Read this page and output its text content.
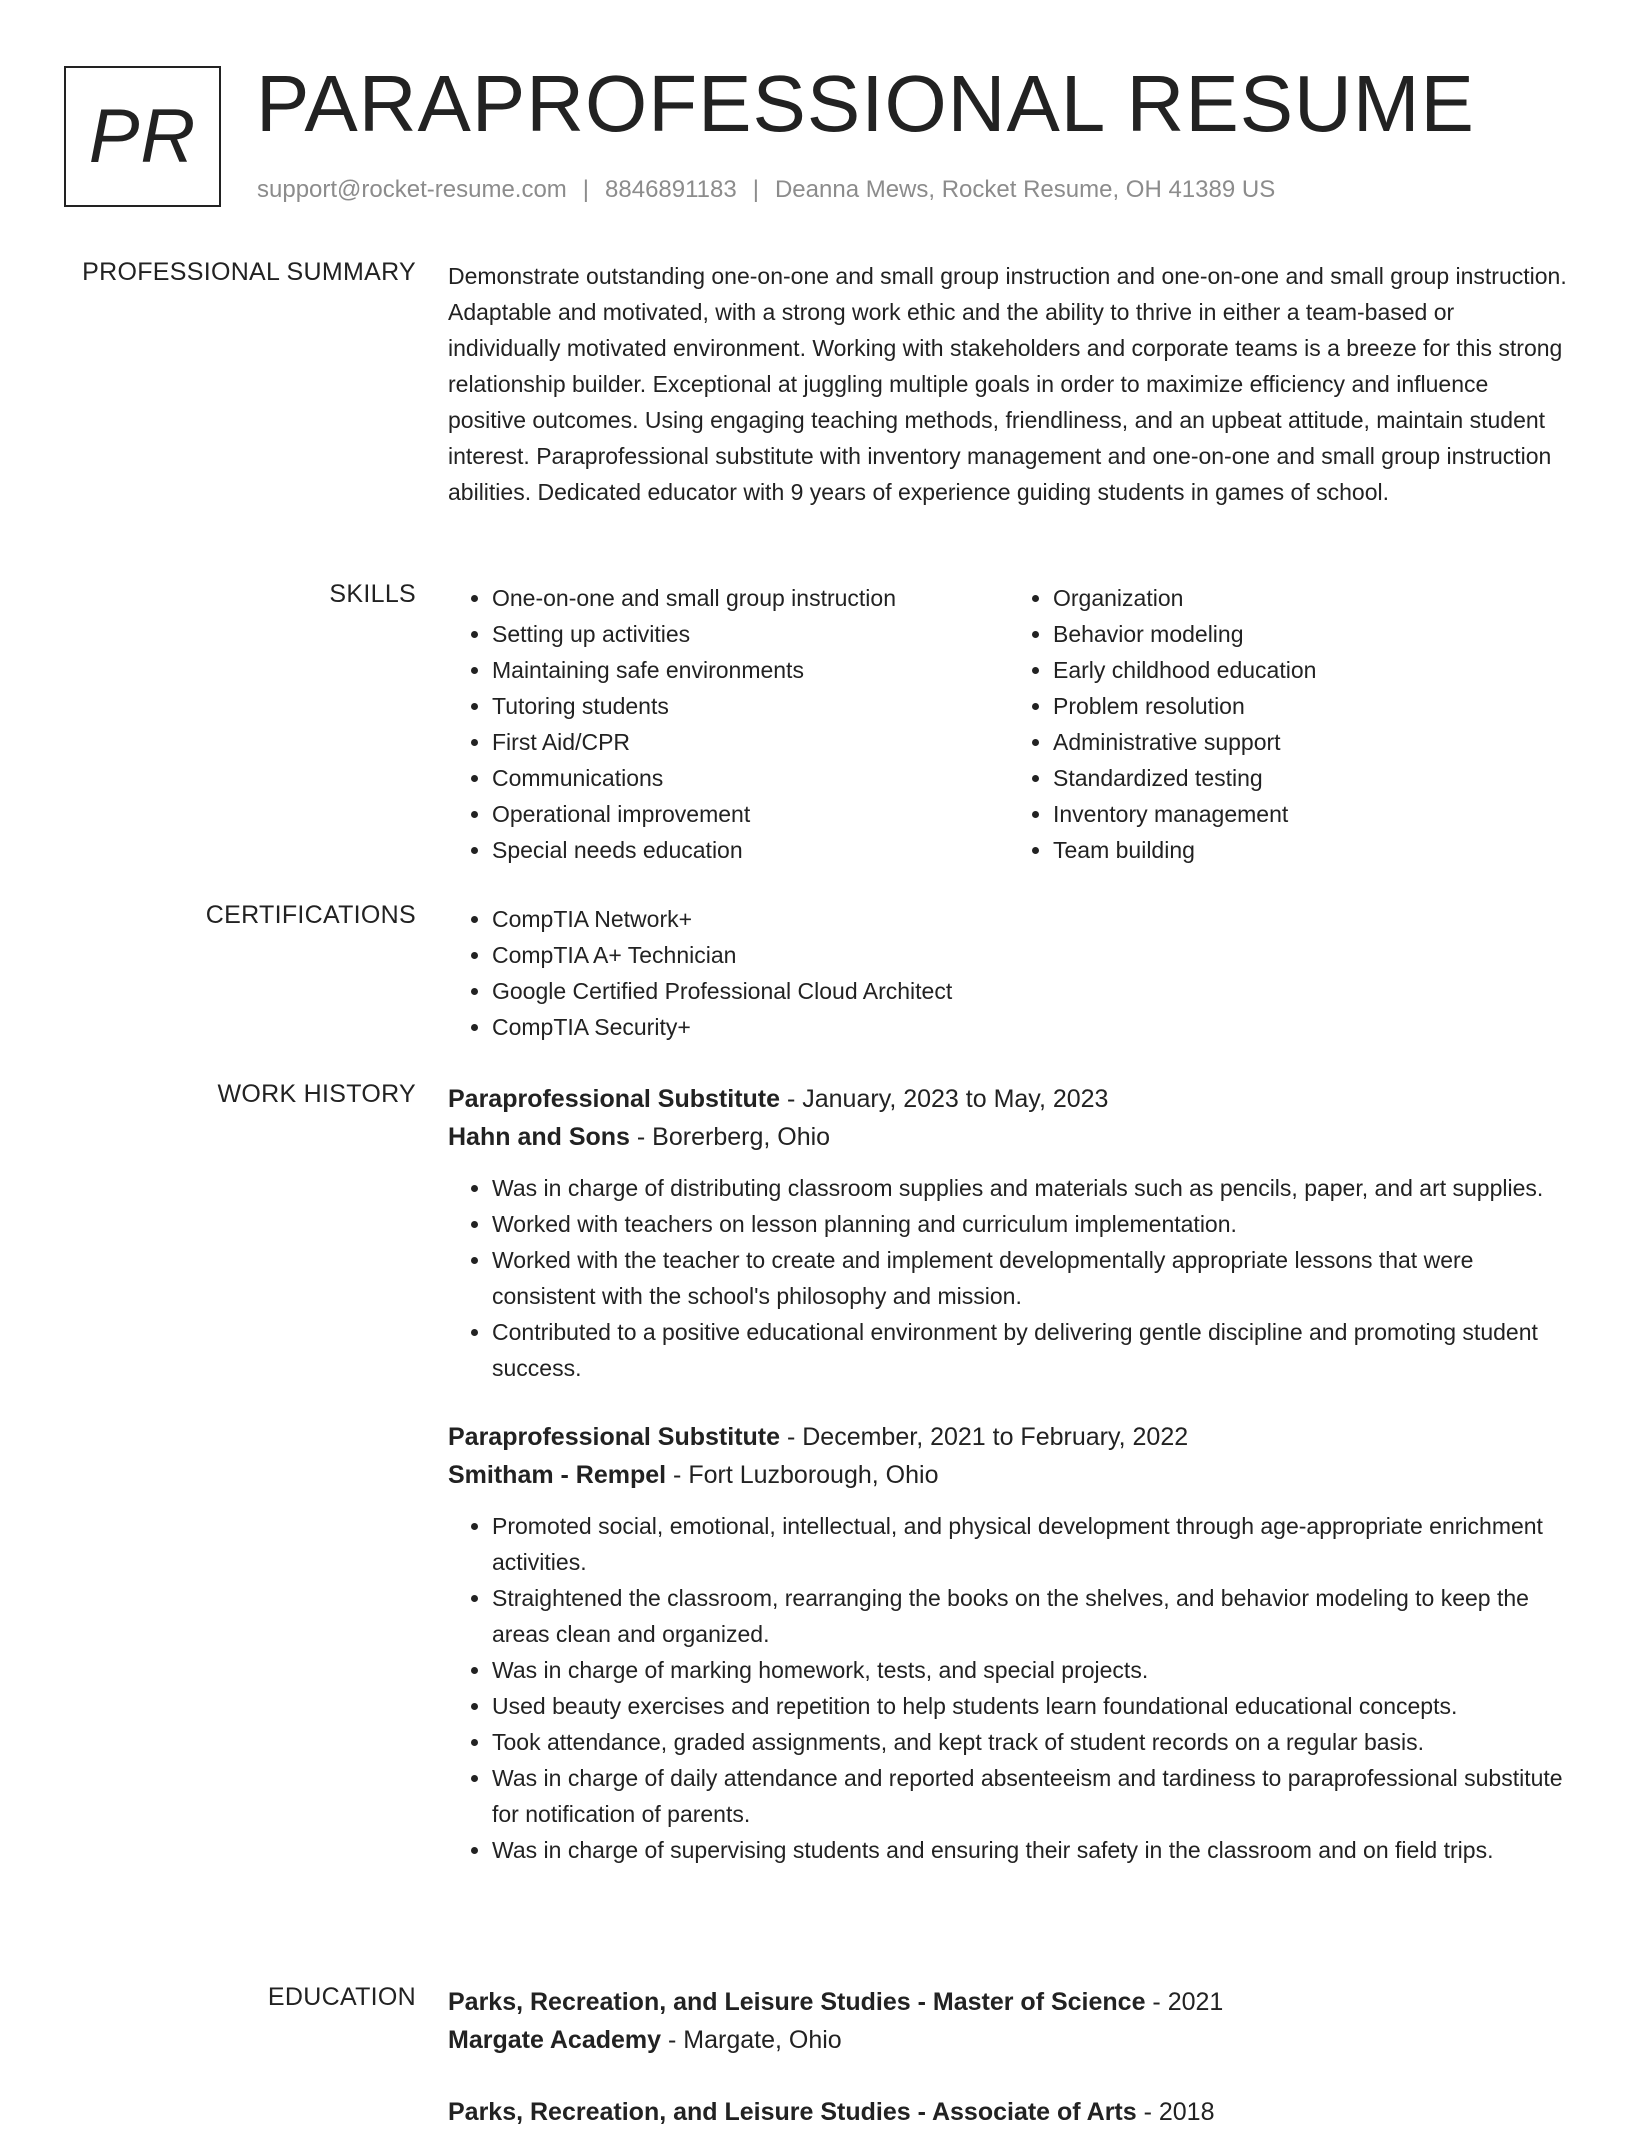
PR PARAPROFESSIONAL RESUME
support@rocket-resume.com | 8846891183 | Deanna Mews, Rocket Resume, OH 41389 US
PROFESSIONAL SUMMARY Demonstrate outstanding one-on-one and small group instruction and one-on-one and small group instruction. Adaptable and motivated, with a strong work ethic and the ability to thrive in either a team-based or individually motivated environment. Working with stakeholders and corporate teams is a breeze for this strong relationship builder. Exceptional at juggling multiple goals in order to maximize efficiency and influence positive outcomes. Using engaging teaching methods, friendliness, and an upbeat attitude, maintain student interest. Paraprofessional substitute with inventory management and one-on-one and small group instruction abilities. Dedicated educator with 9 years of experience guiding students in games of school.

SKILLS	• One-on-one and small group instruction
• Setting up activities
• Maintaining safe environments
• Tutoring students
• First Aid/CPR
• Communications
• Operational improvement
• Special needs education
• Organization
• Behavior modeling
• Early childhood education
• Problem resolution
• Administrative support
• Standardized testing
• Inventory management
• Team building
CERTIFICATIONS	• CompTIA Network+
• CompTIA A+ Technician
• Google Certified Professional Cloud Architect
• CompTIA Security+
WORK HISTORY Paraprofessional Substitute - January, 2023 to May, 2023
Hahn and Sons - Borerberg, Ohio
• Was in charge of distributing classroom supplies and materials such as pencils, paper, and art supplies.
• Worked with teachers on lesson planning and curriculum implementation.
• Worked with the teacher to create and implement developmentally appropriate lessons that were consistent with the school's philosophy and mission.
• Contributed to a positive educational environment by delivering gentle discipline and promoting student success.
Paraprofessional Substitute - December, 2021 to February, 2022
Smitham - Rempel - Fort Luzborough, Ohio
• Promoted social, emotional, intellectual, and physical development through age-appropriate enrichment activities.
• Straightened the classroom, rearranging the books on the shelves, and behavior modeling to keep the areas clean and organized.
• Was in charge of marking homework, tests, and special projects.
• Used beauty exercises and repetition to help students learn foundational educational concepts.
• Took attendance, graded assignments, and kept track of student records on a regular basis.
• Was in charge of daily attendance and reported absenteeism and tardiness to paraprofessional substitute for notification of parents.
• Was in charge of supervising students and ensuring their safety in the classroom and on field trips.
EDUCATION Parks, Recreation, and Leisure Studies - Master of Science - 2021
Margate Academy - Margate, Ohio
Parks, Recreation, and Leisure Studies - Associate of Arts - 2018
